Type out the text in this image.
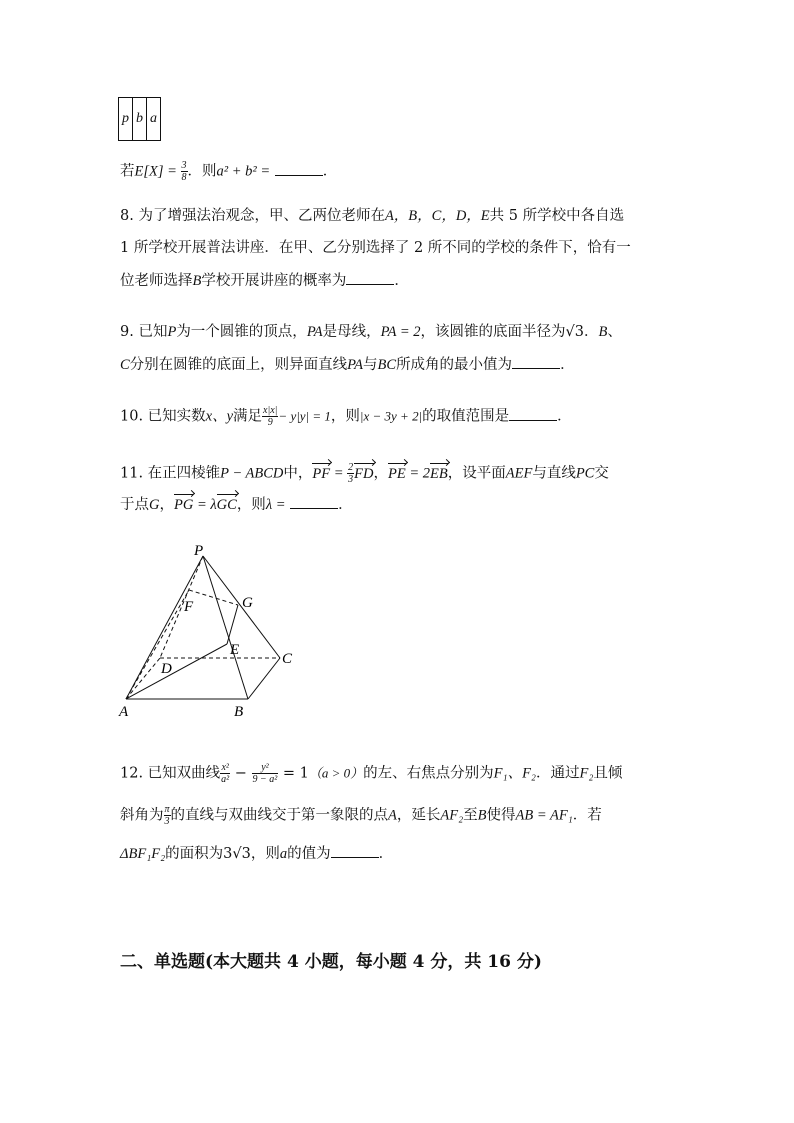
p	b	a
若$E[X] = \frac{3}{8}$ ．则a² + b² =	．
8. 为了增强法治观念，甲、乙两位老师在A，B，C，D，E共 5 所学校中各自选
1 所学校开展普法讲座．在甲、乙分别选择了 2 所不同的学校的条件下，恰有一
位老师选择B学校开展讲座的概率为	．
9. 已知P为一个圆锥的顶点，PA是母线，PA = 2，该圆锥的底面半径为√3．B、
C分别在圆锥的底面上，则异面直线PA与BC所成角的最小值为	．
10. 已知实数x、y满足 $\frac{x|x|}{9} - y|y| = 1$，则|x − 3y + 2|的取值范围是	．
11. 在正四棱锥P − ABCD中，PF = $\frac{2}{3}$ FD，PE = 2EB，设平面AEF与直线PC交
于点G，PG = λGC，则λ =	．
P
F	G
E
C
D
A	B
12. 已知双曲线 $\frac{\text{x²}}{\text{a²}} - \frac{\text{y²}}{\text{9 − a²}} = 1(a > 0)$的左、右焦点分别为F₁、F₂．通过F₂且倾
斜角为 $\frac{\pi}{3}$ 的直线与双曲线交于第一象限的点A，延长AF₂至B使得AB = AF₁．若
ΔBF₁F₂的面积为3√3，则a的值为	．
二、单选题(本大题共 4 小题，每小题 4 分，共 16 分)
